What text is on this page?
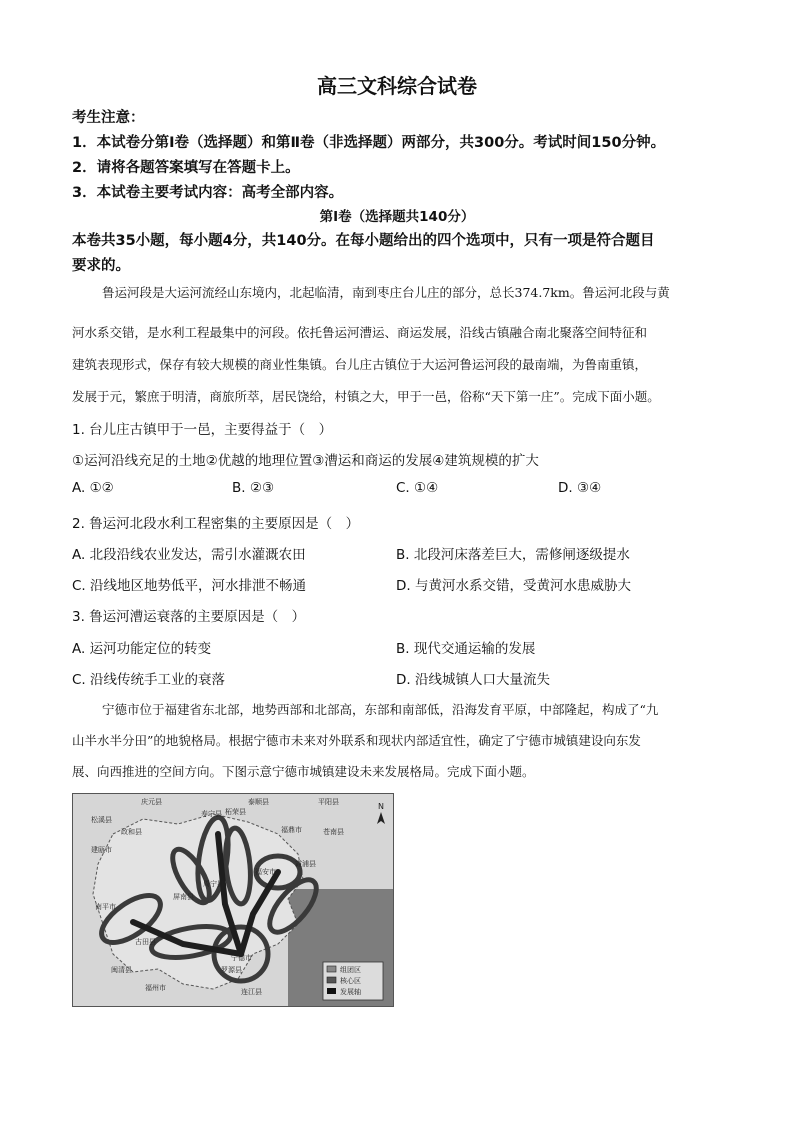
高三文科综合试卷
考生注意：
1．本试卷分第Ⅰ卷（选择题）和第Ⅱ卷（非选择题）两部分，共300分。考试时间150分钟。
2．请将各题答案填写在答题卡上。
3．本试卷主要考试内容：高考全部内容。
第Ⅰ卷（选择题共140分）
本卷共35小题，每小题4分，共140分。在每小题给出的四个选项中，只有一项是符合题目
要求的。
鲁运河段是大运河流经山东境内，北起临清，南到枣庄台儿庄的部分，总长374.7km。鲁运河北段与黄
河水系交错，是水利工程最集中的河段。依托鲁运河漕运、商运发展，沿线古镇融合南北聚落空间特征和
建筑表现形式，保存有较大规模的商业性集镇。台儿庄古镇位于大运河鲁运河段的最南端，为鲁南重镇，
发展于元，繁庶于明清，商旅所萃，居民饶给，村镇之大，甲于一邑，俗称“天下第一庄”。完成下面小题。
1. 台儿庄古镇甲于一邑，主要得益于（　）
①运河沿线充足的土地②优越的地理位置③漕运和商运的发展④建筑规模的扩大
A. ①②	B. ②③	C. ①④	D. ③④
2. 鲁运河北段水利工程密集的主要原因是（　）
A. 北段沿线农业发达，需引水灌溉农田	B. 北段河床落差巨大，需修闸逐级提水
C. 沿线地区地势低平，河水排泄不畅通	D. 与黄河水系交错，受黄河水患威胁大
3. 鲁运河漕运衰落的主要原因是（　）
A. 运河功能定位的转变	B. 现代交通运输的发展
C. 沿线传统手工业的衰落	D. 沿线城镇人口大量流失
宁德市位于福建省东北部，地势西部和北部高，东部和南部低，沿海发育平原，中部隆起，构成了“九
山半水半分田”的地貌格局。根据宁德市未来对外联系和现状内部适宜性，确定了宁德市城镇建设向东发
展、向西推进的空间方向。下图示意宁德市城镇建设未来发展格局。完成下面小题。
庆元县
松溪县
政和县
柘荣县
平阳县
福鼎市
泰顺县
苍南县
建瓯市
屏南县
周宁县
寿宁县
霞浦县
南平市
古田县
宁德市
罗源县
福州市
闽清县
连江县
福安市
N
组团区
核心区
发展轴
